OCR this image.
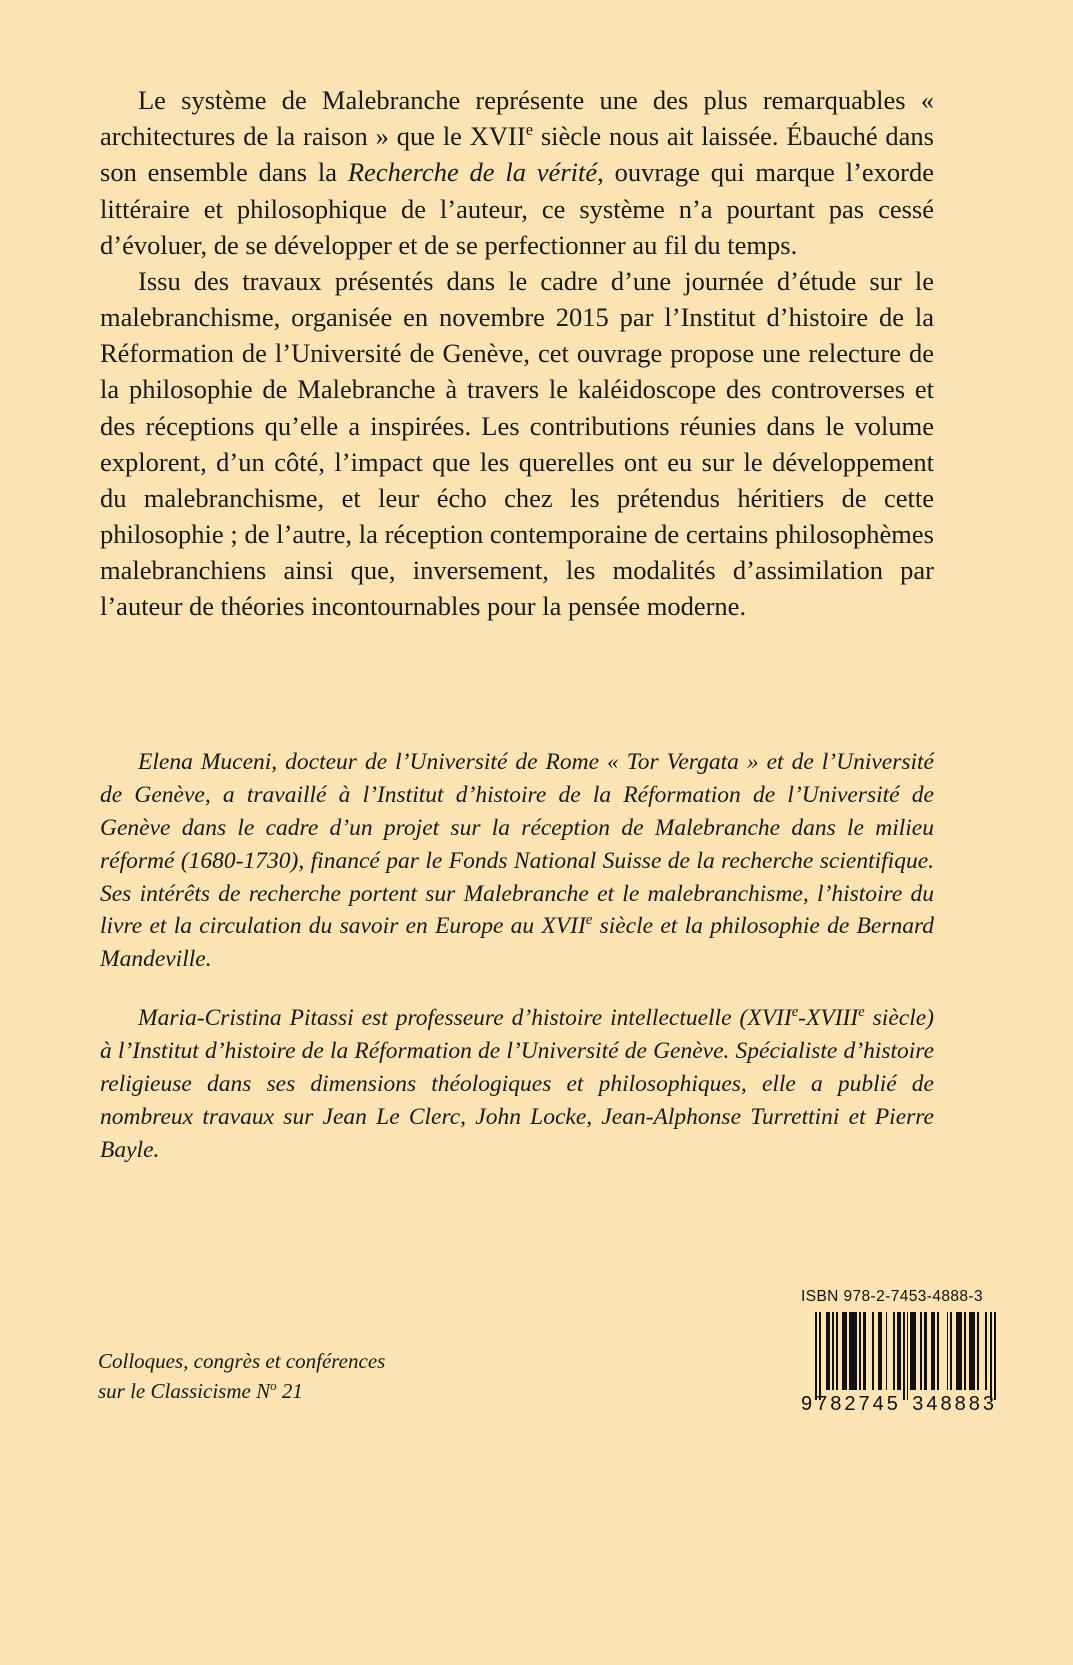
Le système de Malebranche représente une des plus remarquables « architectures de la raison » que le XVIIe siècle nous ait laissée. Ébauché dans son ensemble dans la Recherche de la vérité, ouvrage qui marque l’exorde littéraire et philosophique de l’auteur, ce système n’a pourtant pas cessé d’évoluer, de se développer et de se perfectionner au fil du temps.

Issu des travaux présentés dans le cadre d’une journée d’étude sur le malebranchisme, organisée en novembre 2015 par l’Institut d’histoire de la Réformation de l’Université de Genève, cet ouvrage propose une relecture de la philosophie de Malebranche à travers le kaléidoscope des controverses et des réceptions qu’elle a inspirées. Les contributions réunies dans le volume explorent, d’un côté, l’impact que les querelles ont eu sur le développement du malebranchisme, et leur écho chez les prétendus héritiers de cette philosophie ; de l’autre, la réception contemporaine de certains philosophèmes malebranchiens ainsi que, inversement, les modalités d’assimilation par l’auteur de théories incontournables pour la pensée moderne.

Elena Muceni, docteur de l’Université de Rome « Tor Vergata » et de l’Université de Genève, a travaillé à l’Institut d’histoire de la Réformation de l’Université de Genève dans le cadre d’un projet sur la réception de Malebranche dans le milieu réformé (1680-1730), financé par le Fonds National Suisse de la recherche scientifique. Ses intérêts de recherche portent sur Malebranche et le malebranchisme, l’histoire du livre et la circulation du savoir en Europe au XVIIe siècle et la philosophie de Bernard Mandeville.

Maria-Cristina Pitassi est professeure d’histoire intellectuelle (XVIIe-XVIIIe siècle) à l’Institut d’histoire de la Réformation de l’Université de Genève. Spécialiste d’histoire religieuse dans ses dimensions théologiques et philosophiques, elle a publié de nombreux travaux sur Jean Le Clerc, John Locke, Jean-Alphonse Turrettini et Pierre Bayle.

Colloques, congrès et conférences
sur le Classicisme $N^o$ 21
ISBN 978-2-7453-4888-3
9 782745 348883
